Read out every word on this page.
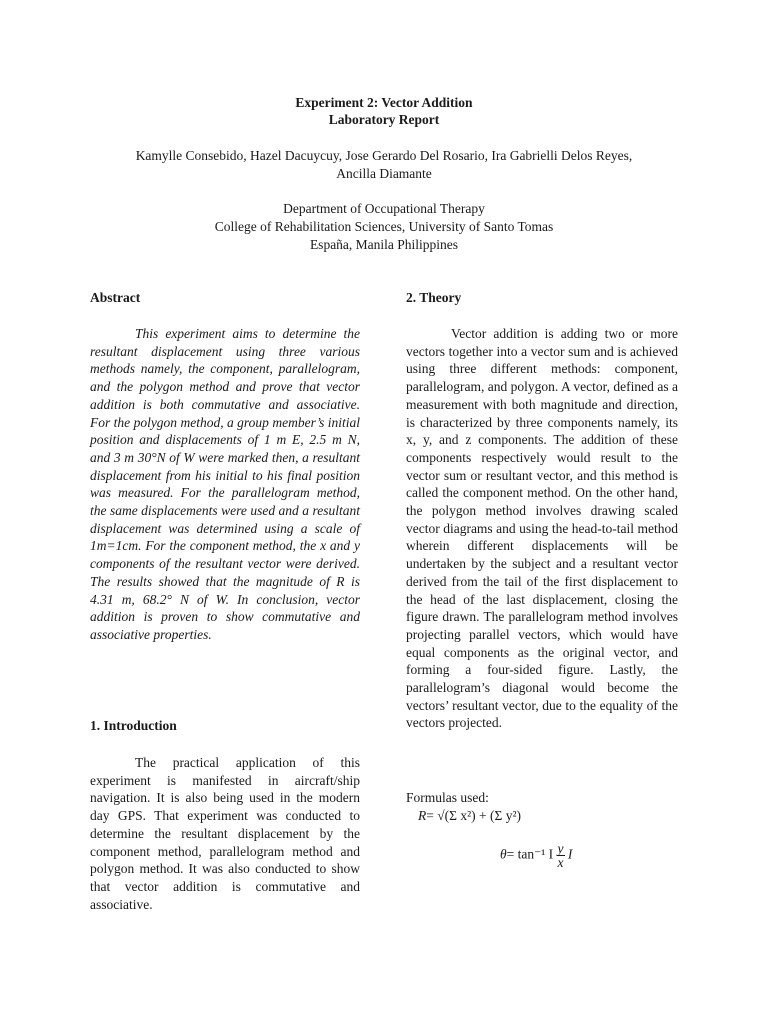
Experiment 2: Vector Addition
Laboratory Report
Kamylle Consebido, Hazel Dacuycuy, Jose Gerardo Del Rosario, Ira Gabrielli Delos Reyes,
Ancilla Diamante
Department of Occupational Therapy
College of Rehabilitation Sciences, University of Santo Tomas
España, Manila Philippines
Abstract

This experiment aims to determine the resultant displacement using three various methods namely, the component, parallelogram, and the polygon method and prove that vector addition is both commutative and associative. For the polygon method, a group member’s initial position and displacements of 1 m E, 2.5 m N, and 3 m 30°N of W were marked then, a resultant displacement from his initial to his final position was measured. For the parallelogram method, the same displacements were used and a resultant displacement was determined using a scale of 1m=1cm. For the component method, the x and y components of the resultant vector were derived. The results showed that the magnitude of R is 4.31 m, 68.2° N of W. In conclusion, vector addition is proven to show commutative and associative properties.

1. Introduction

The practical application of this experiment is manifested in aircraft/ship navigation. It is also being used in the modern day GPS. That experiment was conducted to determine the resultant displacement by the component method, parallelogram method and polygon method. It was also conducted to show that vector addition is commutative and associative.

2. Theory

Vector addition is adding two or more vectors together into a vector sum and is achieved using three different methods: component, parallelogram, and polygon. A vector, defined as a measurement with both magnitude and direction, is characterized by three components namely, its x, y, and z components. The addition of these components respectively would result to the vector sum or resultant vector, and this method is called the component method. On the other hand, the polygon method involves drawing scaled vector diagrams and using the head-to-tail method wherein different displacements will be undertaken by the subject and a resultant vector derived from the tail of the first displacement to the head of the last displacement, closing the figure drawn. The parallelogram method involves projecting parallel vectors, which would have equal components as the original vector, and forming a four-sided figure. Lastly, the parallelogram’s diagonal would become the vectors’ resultant vector, due to the equality of the vectors projected.

Formulas used:
R= √(Σ x²) + (Σ y²)
θ= tan⁻¹ I $\frac{y}{x}$ I
